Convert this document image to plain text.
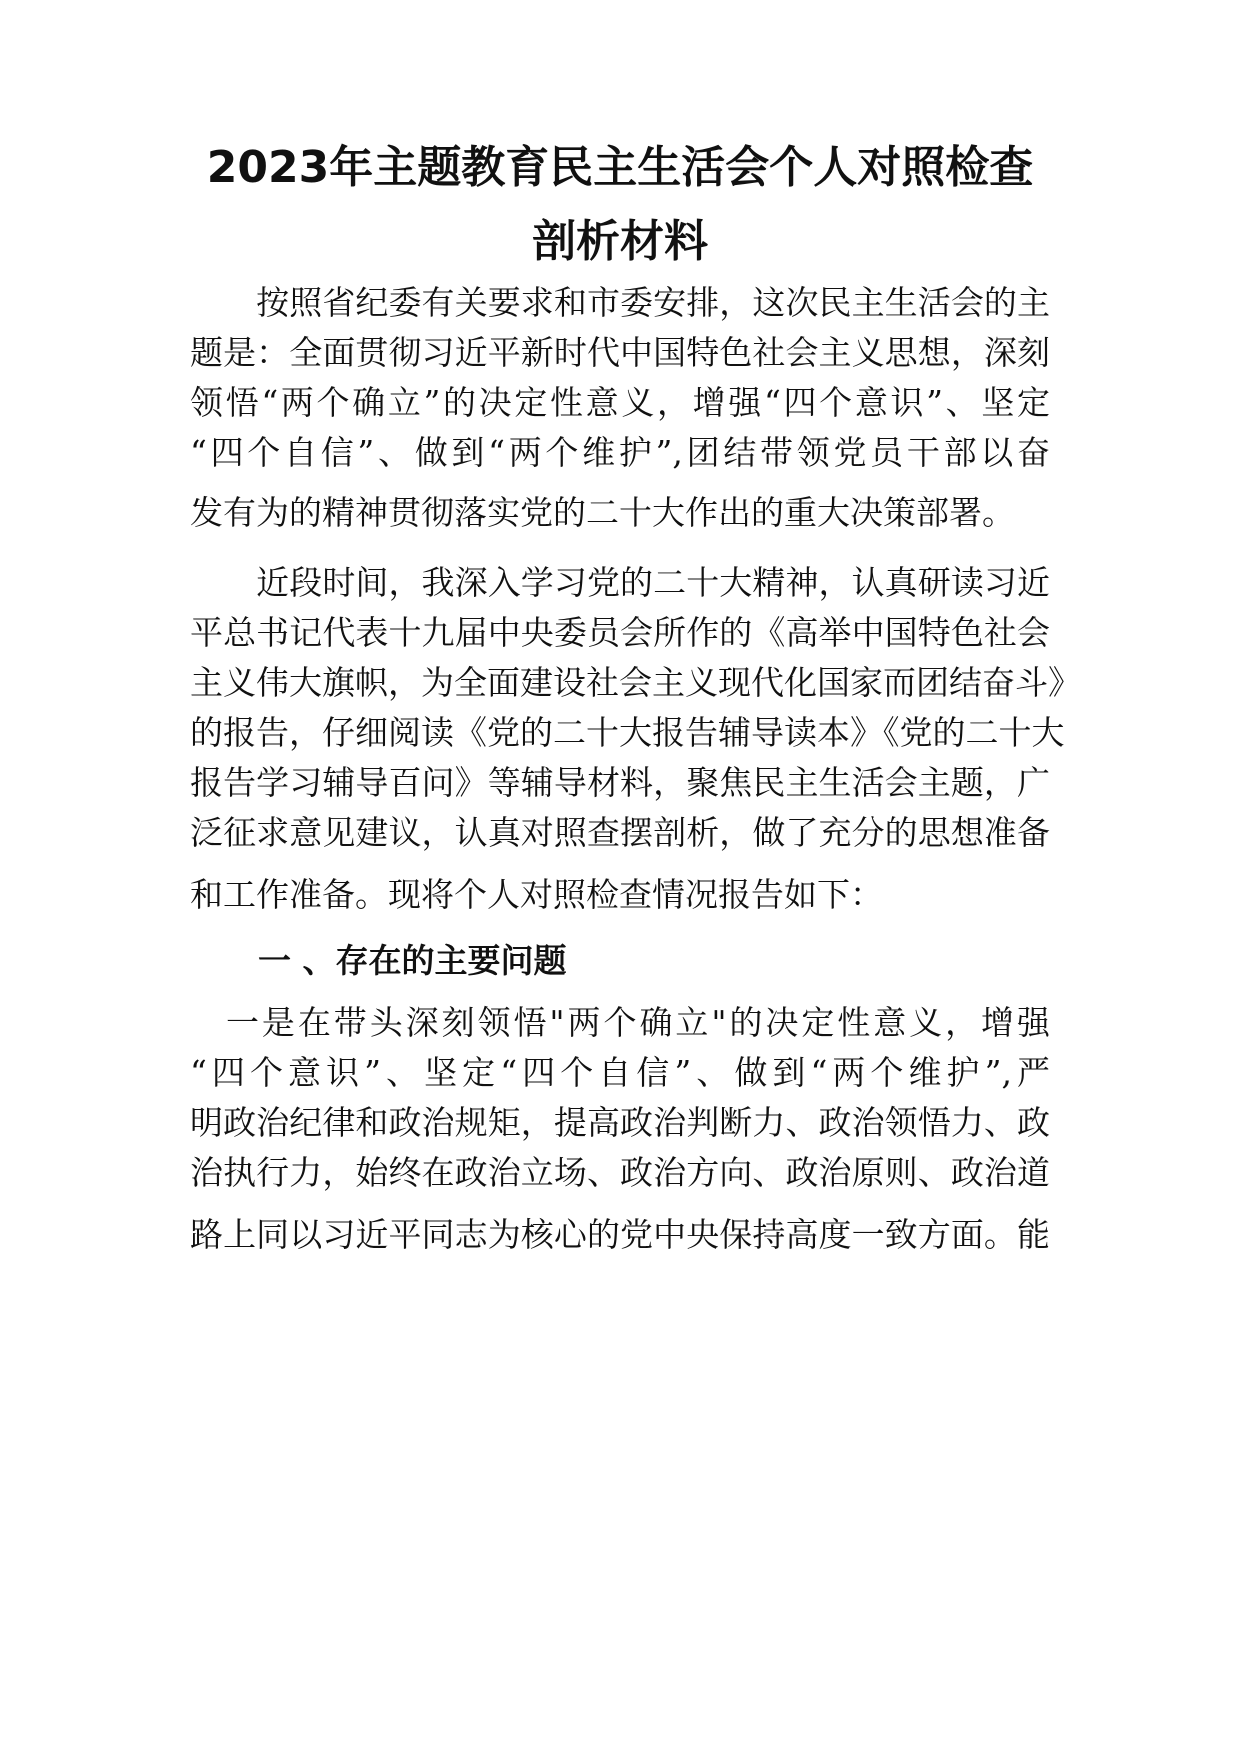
2023年主题教育民主生活会个人对照检查
剖析材料
　　按照省纪委有关要求和市委安排，这次民主生活会的主
题是：全面贯彻习近平新时代中国特色社会主义思想，深刻
领悟“两个确立”的决定性意义，增强“四个意识”、坚定
“四个自信”、做到“两个维护”,团结带领党员干部以奋
发有为的精神贯彻落实党的二十大作出的重大决策部署。
　　近段时间，我深入学习党的二十大精神，认真研读习近
平总书记代表十九届中央委员会所作的《高举中国特色社会
主义伟大旗帜，为全面建设社会主义现代化国家而团结奋斗》
的报告，仔细阅读《党的二十大报告辅导读本》《党的二十大
报告学习辅导百问》等辅导材料，聚焦民主生活会主题，广
泛征求意见建议，认真对照查摆剖析，做了充分的思想准备
和工作准备。现将个人对照检查情况报告如下：
一 、存在的主要问题
　一是在带头深刻领悟"两个确立"的决定性意义，增强
“四个意识”、坚定“四个自信”、做到“两个维护”,严
明政治纪律和政治规矩，提高政治判断力、政治领悟力、政
治执行力，始终在政治立场、政治方向、政治原则、政治道
路上同以习近平同志为核心的党中央保持高度一致方面。能
